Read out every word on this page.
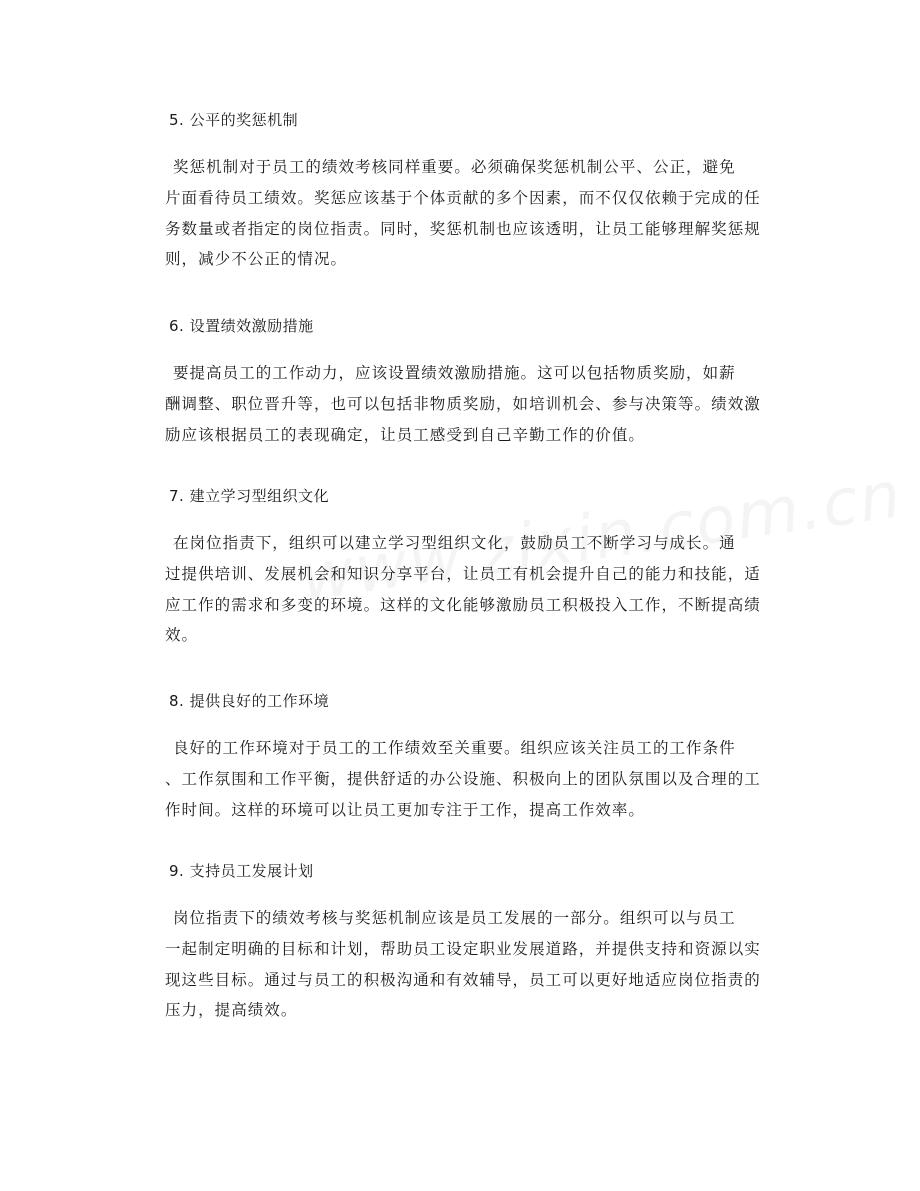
5. 公平的奖惩机制

奖惩机制对于员工的绩效考核同样重要。必须确保奖惩机制公平、公正，避免
片面看待员工绩效。奖惩应该基于个体贡献的多个因素，而不仅仅依赖于完成的任
务数量或者指定的岗位指责。同时，奖惩机制也应该透明，让员工能够理解奖惩规
则，减少不公正的情况。

6. 设置绩效激励措施

要提高员工的工作动力，应该设置绩效激励措施。这可以包括物质奖励，如薪
酬调整、职位晋升等，也可以包括非物质奖励，如培训机会、参与决策等。绩效激
励应该根据员工的表现确定，让员工感受到自己辛勤工作的价值。

7. 建立学习型组织文化

在岗位指责下，组织可以建立学习型组织文化，鼓励员工不断学习与成长。通
过提供培训、发展机会和知识分享平台，让员工有机会提升自己的能力和技能，适
应工作的需求和多变的环境。这样的文化能够激励员工积极投入工作，不断提高绩
效。

8. 提供良好的工作环境

良好的工作环境对于员工的工作绩效至关重要。组织应该关注员工的工作条件
、工作氛围和工作平衡，提供舒适的办公设施、积极向上的团队氛围以及合理的工
作时间。这样的环境可以让员工更加专注于工作，提高工作效率。

9. 支持员工发展计划

岗位指责下的绩效考核与奖惩机制应该是员工发展的一部分。组织可以与员工
一起制定明确的目标和计划，帮助员工设定职业发展道路，并提供支持和资源以实
现这些目标。通过与员工的积极沟通和有效辅导，员工可以更好地适应岗位指责的
压力，提高绩效。
